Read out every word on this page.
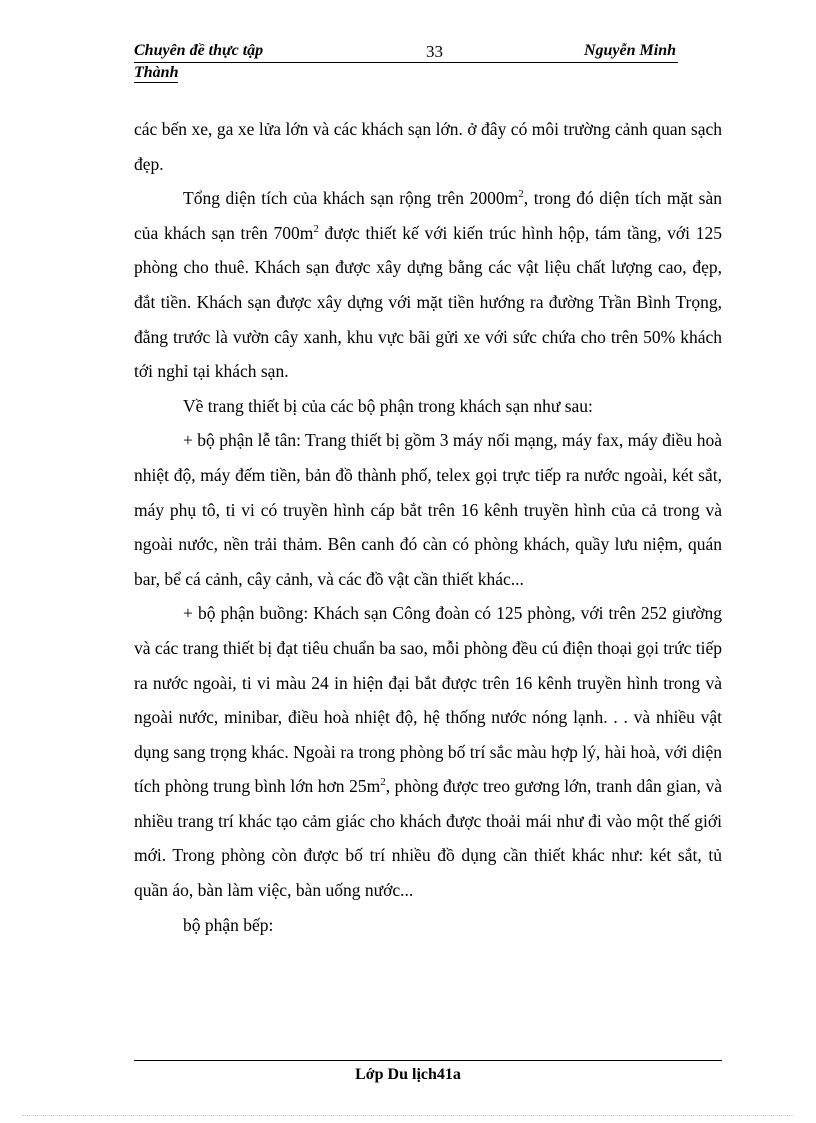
Chuyên đề thực tập	33	Nguyễn Minh
Thành

các bến xe, ga xe lửa lớn và các khách sạn lớn. ở đây có môi trường cảnh quan sạch đẹp.

Tổng diện tích của khách sạn rộng trên $2000m^2$, trong đó diện tích mặt sàn của khách sạn trên $700m^2$ được thiết kế với kiến trúc hình hộp, tám tầng, với 125 phòng cho thuê. Khách sạn được xây dựng bằng các vật liệu chất lượng cao, đẹp, đắt tiền. Khách sạn được xây dựng với mặt tiền hướng ra đường Trần Bình Trọng, đằng trước là vườn cây xanh, khu vực bãi gửi xe với sức chứa cho trên 50% khách tới nghỉ tại khách sạn.

Về trang thiết bị của các bộ phận trong khách sạn như sau:

+ bộ phận lễ tân: Trang thiết bị gồm 3 máy nối mạng, máy fax, máy điều hoà nhiệt độ, máy đếm tiền, bản đồ thành phố, telex gọi trực tiếp ra nước ngoài, két sắt, máy phụ tô, ti vi có truyền hình cáp bắt trên 16 kênh truyền hình của cả trong và ngoài nước, nền trải thảm. Bên canh đó càn có phòng khách, quầy lưu niệm, quán bar, bể cá cảnh, cây cảnh, và các đồ vật cần thiết khác...

+ bộ phận buồng: Khách sạn Công đoàn có 125 phòng, với trên 252 giường và các trang thiết bị đạt tiêu chuẩn ba sao, mỗi phòng đều cú điện thoại gọi trức tiếp ra nước ngoài, ti vi màu 24 in hiện đại bắt được trên 16 kênh truyền hình trong và ngoài nước, minibar, điều hoà nhiệt độ, hệ thống nước nóng lạnh. . . và nhiều vật dụng sang trọng khác. Ngoài ra trong phòng bố trí sắc màu hợp lý, hài hoà, với diện tích phòng trung bình lớn hơn $25m^2$, phòng được treo gương lớn, tranh dân gian, và nhiều trang trí khác tạo cảm giác cho khách được thoải mái như đi vào một thế giới mới. Trong phòng còn được bố trí nhiều đồ dụng cần thiết khác như: két sắt, tủ quần áo, bàn làm việc, bàn uống nước...

bộ phận bếp:

Lớp Du lịch41a
